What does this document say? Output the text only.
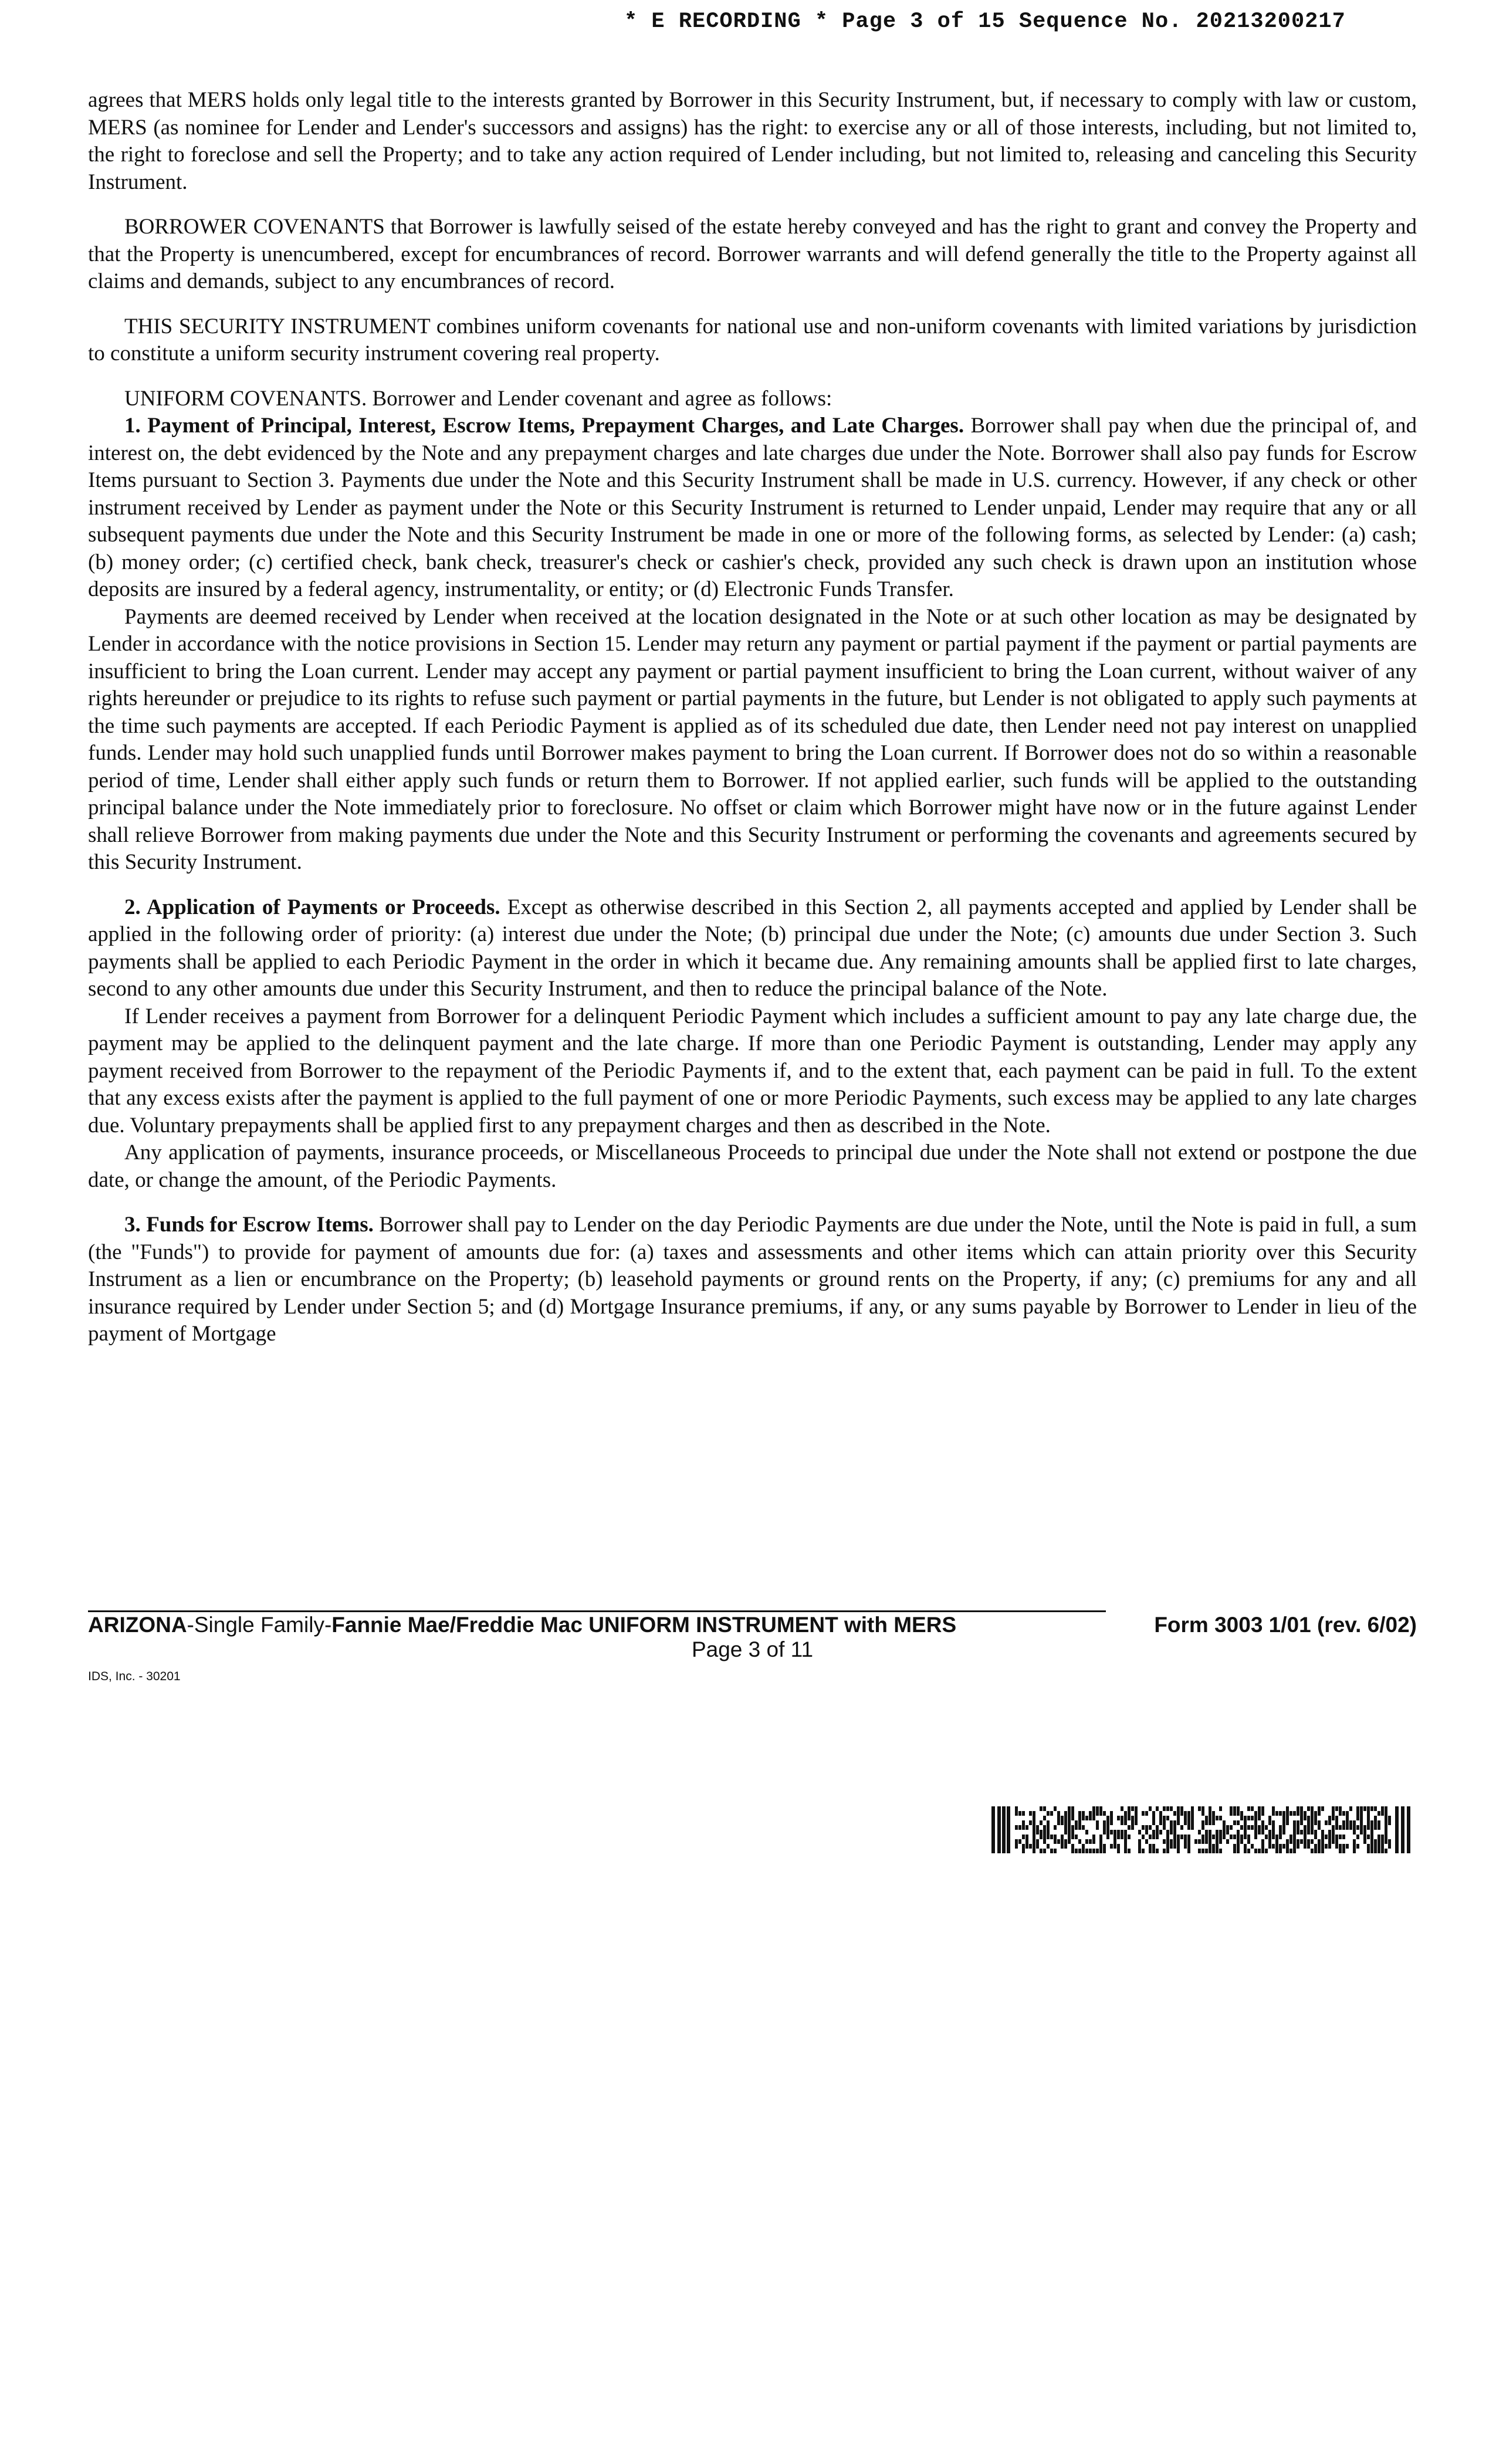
* E RECORDING * Page 3 of 15 Sequence No. 20213200217

agrees that MERS holds only legal title to the interests granted by Borrower in this Security Instrument, but, if necessary to comply with law or custom, MERS (as nominee for Lender and Lender's successors and assigns) has the right: to exercise any or all of those interests, including, but not limited to, the right to foreclose and sell the Property; and to take any action required of Lender including, but not limited to, releasing and canceling this Security Instrument.

BORROWER COVENANTS that Borrower is lawfully seised of the estate hereby conveyed and has the right to grant and convey the Property and that the Property is unencumbered, except for encumbrances of record. Borrower warrants and will defend generally the title to the Property against all claims and demands, subject to any encumbrances of record.

THIS SECURITY INSTRUMENT combines uniform covenants for national use and non-uniform covenants with limited variations by jurisdiction to constitute a uniform security instrument covering real property.

UNIFORM COVENANTS. Borrower and Lender covenant and agree as follows:

1. Payment of Principal, Interest, Escrow Items, Prepayment Charges, and Late Charges. Borrower shall pay when due the principal of, and interest on, the debt evidenced by the Note and any prepayment charges and late charges due under the Note. Borrower shall also pay funds for Escrow Items pursuant to Section 3. Payments due under the Note and this Security Instrument shall be made in U.S. currency. However, if any check or other instrument received by Lender as payment under the Note or this Security Instrument is returned to Lender unpaid, Lender may require that any or all subsequent payments due under the Note and this Security Instrument be made in one or more of the following forms, as selected by Lender: (a) cash; (b) money order; (c) certified check, bank check, treasurer's check or cashier's check, provided any such check is drawn upon an institution whose deposits are insured by a federal agency, instrumentality, or entity; or (d) Electronic Funds Transfer.

Payments are deemed received by Lender when received at the location designated in the Note or at such other location as may be designated by Lender in accordance with the notice provisions in Section 15. Lender may return any payment or partial payment if the payment or partial payments are insufficient to bring the Loan current. Lender may accept any payment or partial payment insufficient to bring the Loan current, without waiver of any rights hereunder or prejudice to its rights to refuse such payment or partial payments in the future, but Lender is not obligated to apply such payments at the time such payments are accepted. If each Periodic Payment is applied as of its scheduled due date, then Lender need not pay interest on unapplied funds. Lender may hold such unapplied funds until Borrower makes payment to bring the Loan current. If Borrower does not do so within a reasonable period of time, Lender shall either apply such funds or return them to Borrower. If not applied earlier, such funds will be applied to the outstanding principal balance under the Note immediately prior to foreclosure. No offset or claim which Borrower might have now or in the future against Lender shall relieve Borrower from making payments due under the Note and this Security Instrument or performing the covenants and agreements secured by this Security Instrument.

2. Application of Payments or Proceeds. Except as otherwise described in this Section 2, all payments accepted and applied by Lender shall be applied in the following order of priority: (a) interest due under the Note; (b) principal due under the Note; (c) amounts due under Section 3. Such payments shall be applied to each Periodic Payment in the order in which it became due. Any remaining amounts shall be applied first to late charges, second to any other amounts due under this Security Instrument, and then to reduce the principal balance of the Note.

If Lender receives a payment from Borrower for a delinquent Periodic Payment which includes a sufficient amount to pay any late charge due, the payment may be applied to the delinquent payment and the late charge. If more than one Periodic Payment is outstanding, Lender may apply any payment received from Borrower to the repayment of the Periodic Payments if, and to the extent that, each payment can be paid in full. To the extent that any excess exists after the payment is applied to the full payment of one or more Periodic Payments, such excess may be applied to any late charges due. Voluntary prepayments shall be applied first to any prepayment charges and then as described in the Note.

Any application of payments, insurance proceeds, or Miscellaneous Proceeds to principal due under the Note shall not extend or postpone the due date, or change the amount, of the Periodic Payments.

3. Funds for Escrow Items. Borrower shall pay to Lender on the day Periodic Payments are due under the Note, until the Note is paid in full, a sum (the "Funds") to provide for payment of amounts due for: (a) taxes and assessments and other items which can attain priority over this Security Instrument as a lien or encumbrance on the Property; (b) leasehold payments or ground rents on the Property, if any; (c) premiums for any and all insurance required by Lender under Section 5; and (d) Mortgage Insurance premiums, if any, or any sums payable by Borrower to Lender in lieu of the payment of Mortgage

ARIZONA-Single Family-Fannie Mae/Freddie Mac UNIFORM INSTRUMENT with MERS	Form 3003 1/01 (rev. 6/02)
Page 3 of 11
IDS, Inc. - 30201
